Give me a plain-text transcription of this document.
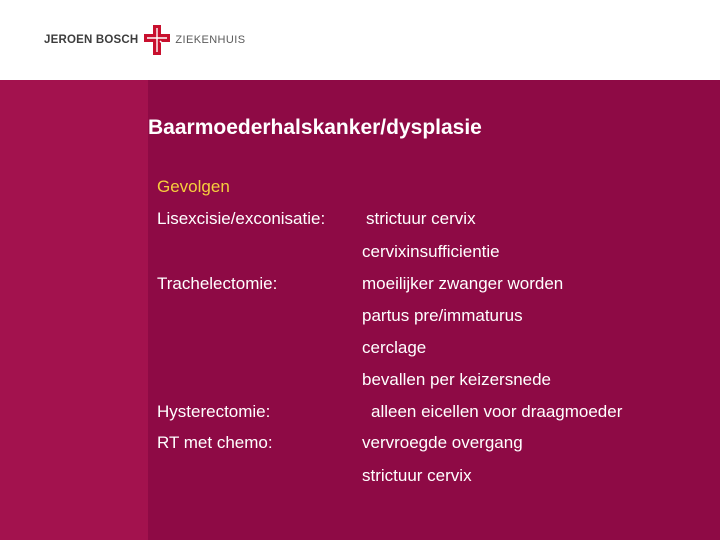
JEROEN BOSCH	ZIEKENHUIS
Baarmoederhalskanker/dysplasie
Gevolgen
Lisexcisie/exconisatie: strictuur cervix
cervixinsufficientie
Trachelectomie:	moeilijker zwanger worden
partus pre/immaturus
cerclage
bevallen per keizersnede
Hysterectomie:	alleen eicellen voor draagmoeder
RT met chemo:	vervroegde overgang
strictuur cervix
